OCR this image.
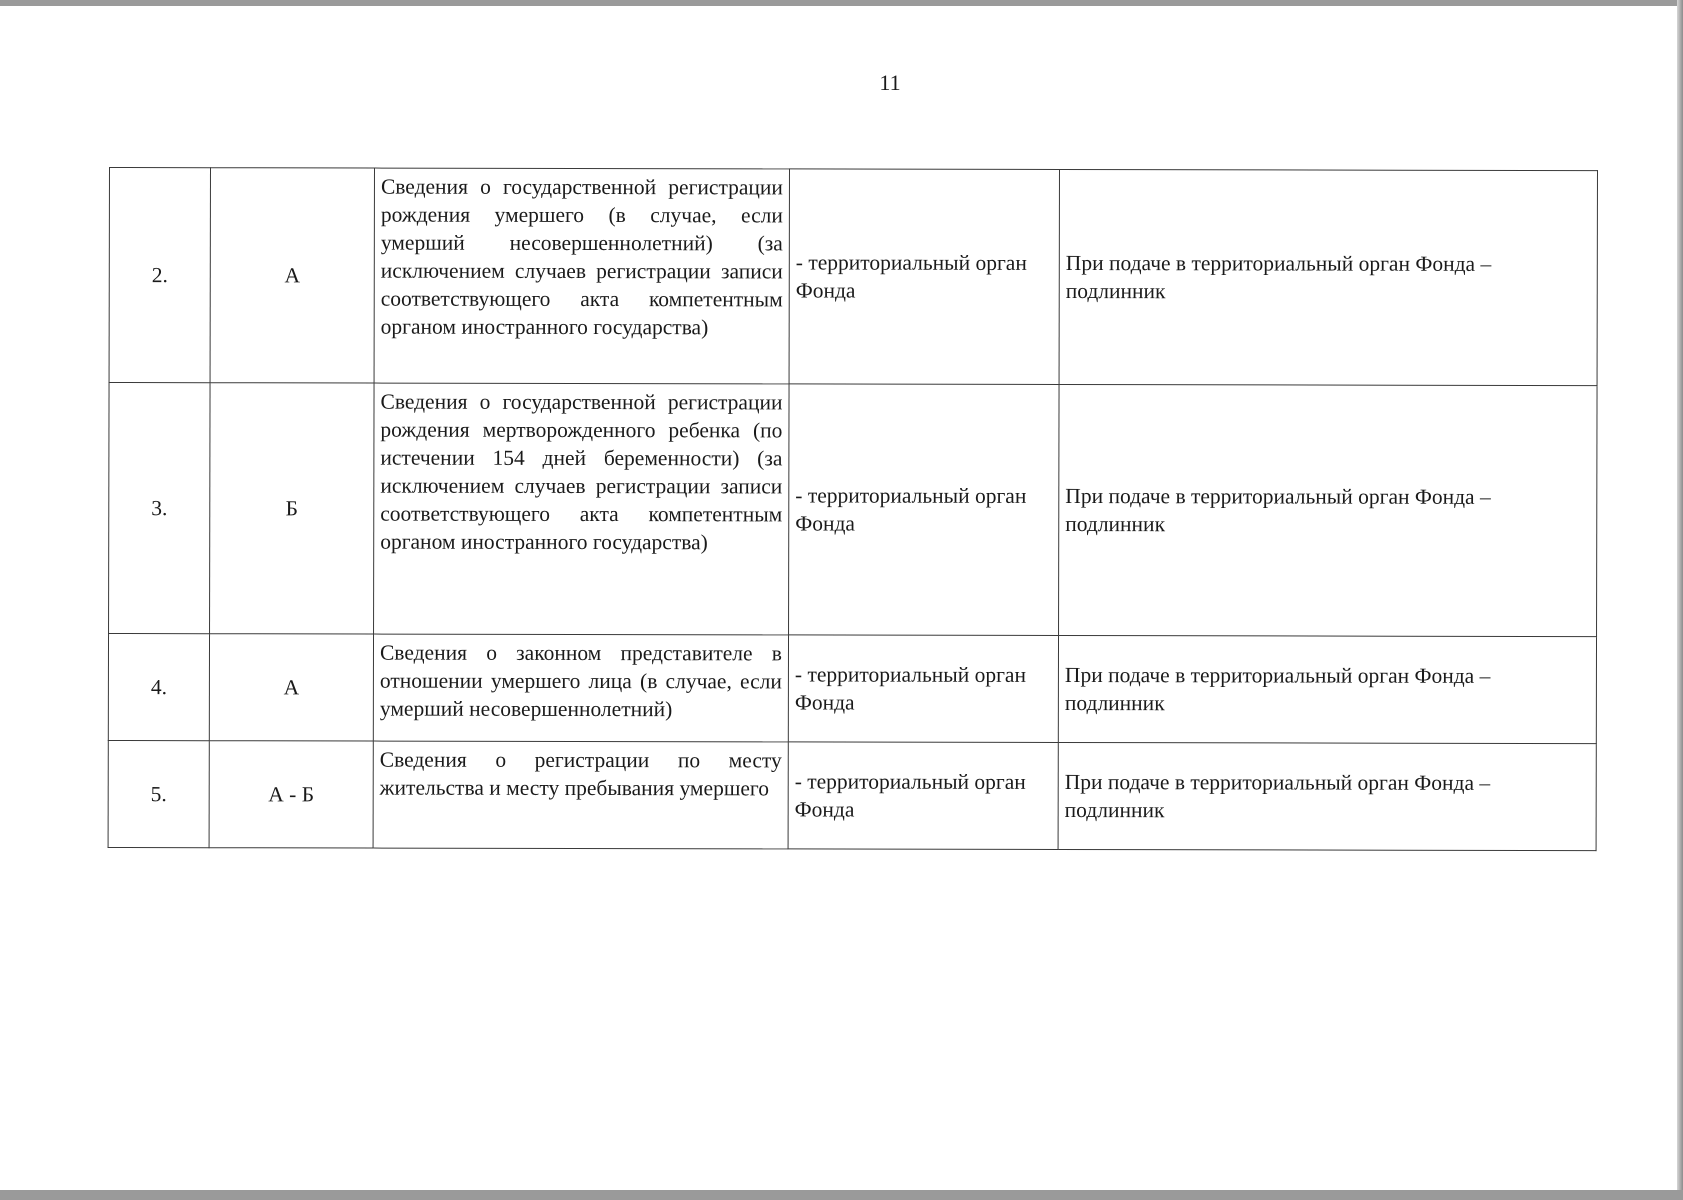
11
2.	А	Сведения о государственной регистрации рождения умершего (в случае, если умерший несовершеннолетний) (за исключением случаев регистрации записи соответствующего акта компетентным органом иностранного государства)	- территориальный орган Фонда	При подаче в территориальный орган Фонда – подлинник
3.	Б	Сведения о государственной регистрации рождения мертворожденного ребенка (по истечении 154 дней беременности) (за исключением случаев регистрации записи соответствующего акта компетентным органом иностранного государства)	- территориальный орган Фонда	При подаче в территориальный орган Фонда – подлинник
4.	А	Сведения о законном представителе в отношении умершего лица (в случае, если умерший несовершеннолетний)	- территориальный орган Фонда	При подаче в территориальный орган Фонда – подлинник
5.	А - Б	Сведения о регистрации по месту жительства и месту пребывания умершего	- территориальный орган Фонда	При подаче в территориальный орган Фонда – подлинник
